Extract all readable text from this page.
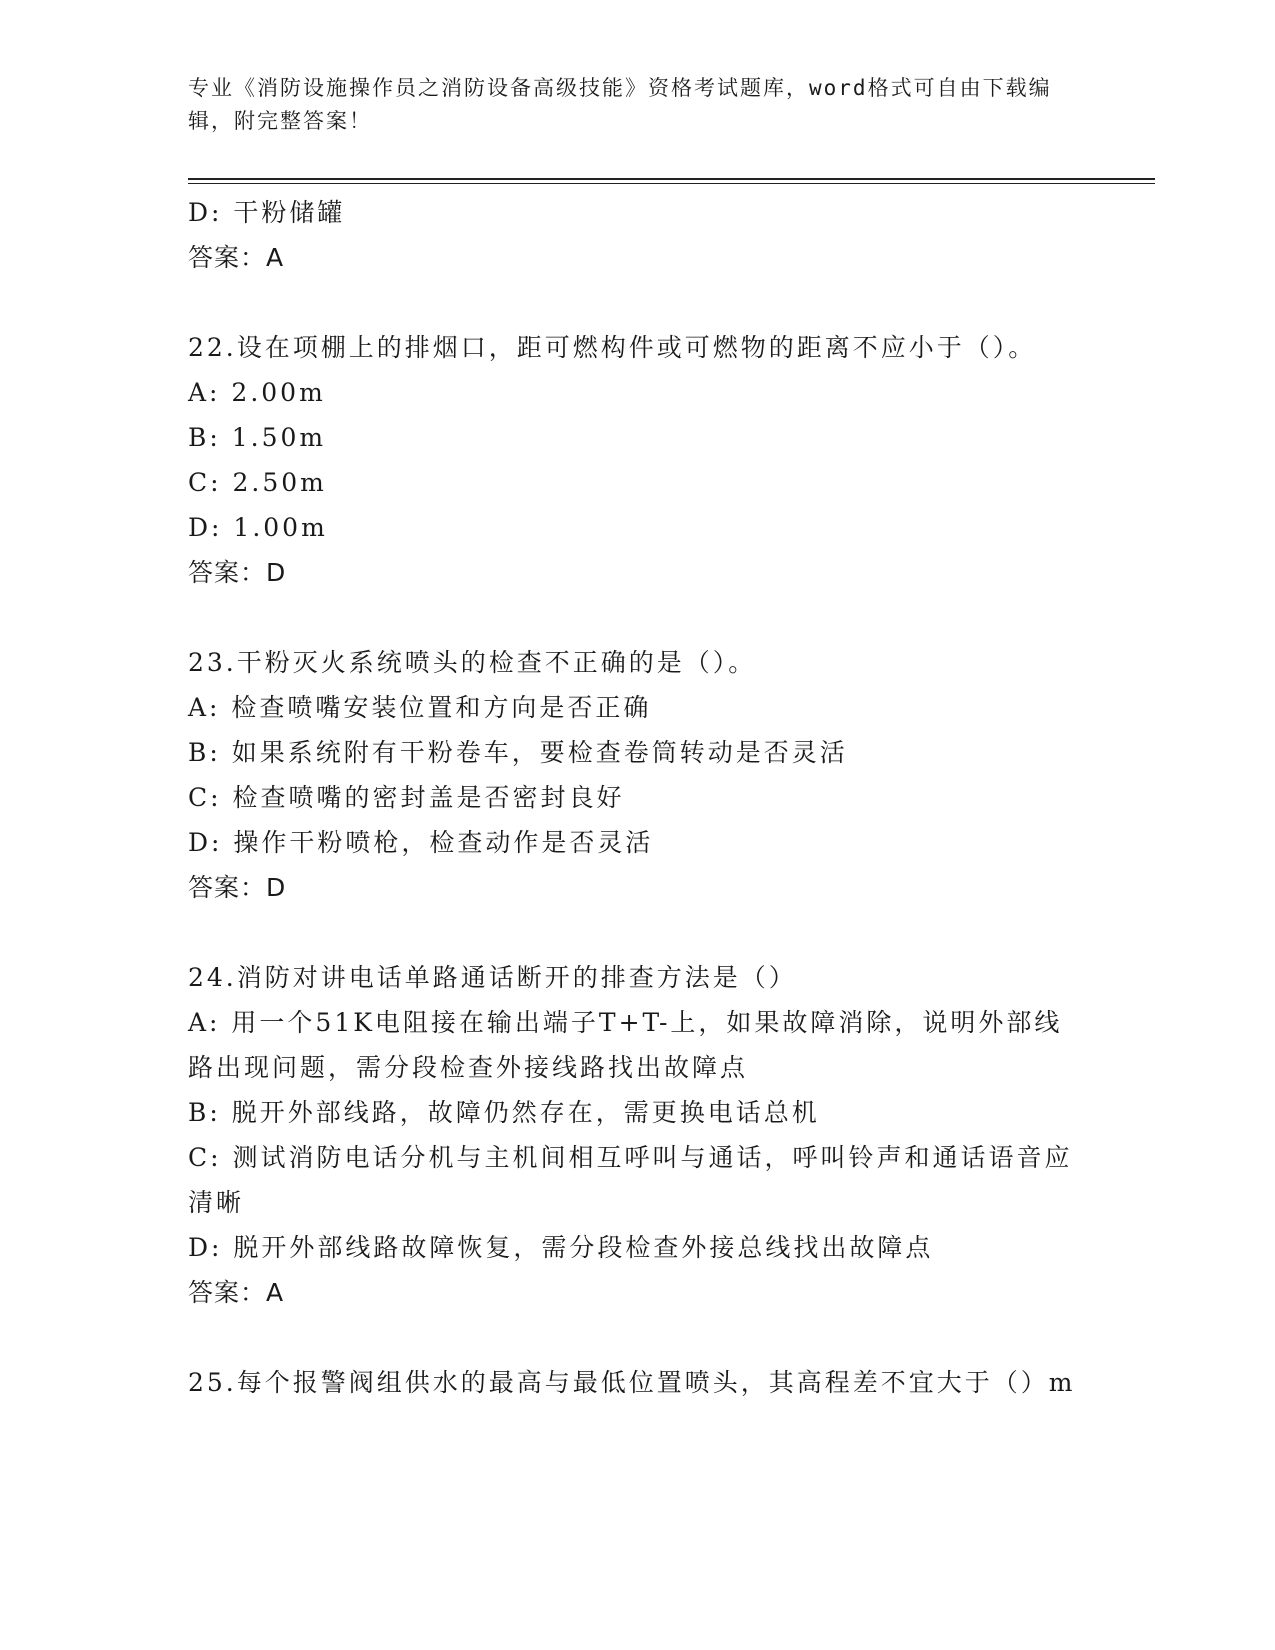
专业《消防设施操作员之消防设备高级技能》资格考试题库，word格式可自由下载编辑，附完整答案！
D: 干粉储罐
答案：A
22.设在项棚上的排烟口，距可燃构件或可燃物的距离不应小于（）。
A: 2.00m
B: 1.50m
C: 2.50m
D: 1.00m
答案：D
23.干粉灭火系统喷头的检查不正确的是（）。
A: 检查喷嘴安装位置和方向是否正确
B: 如果系统附有干粉卷车，要检查卷筒转动是否灵活
C: 检查喷嘴的密封盖是否密封良好
D: 操作干粉喷枪，检查动作是否灵活
答案：D
24.消防对讲电话单路通话断开的排查方法是（）
A: 用一个51K电阻接在输出端子T+T-上，如果故障消除，说明外部线路出现问题，需分段检查外接线路找出故障点
B: 脱开外部线路，故障仍然存在，需更换电话总机
C: 测试消防电话分机与主机间相互呼叫与通话，呼叫铃声和通话语音应清晰
D: 脱开外部线路故障恢复，需分段检查外接总线找出故障点
答案：A
25.每个报警阀组供水的最高与最低位置喷头，其高程差不宜大于（）m
